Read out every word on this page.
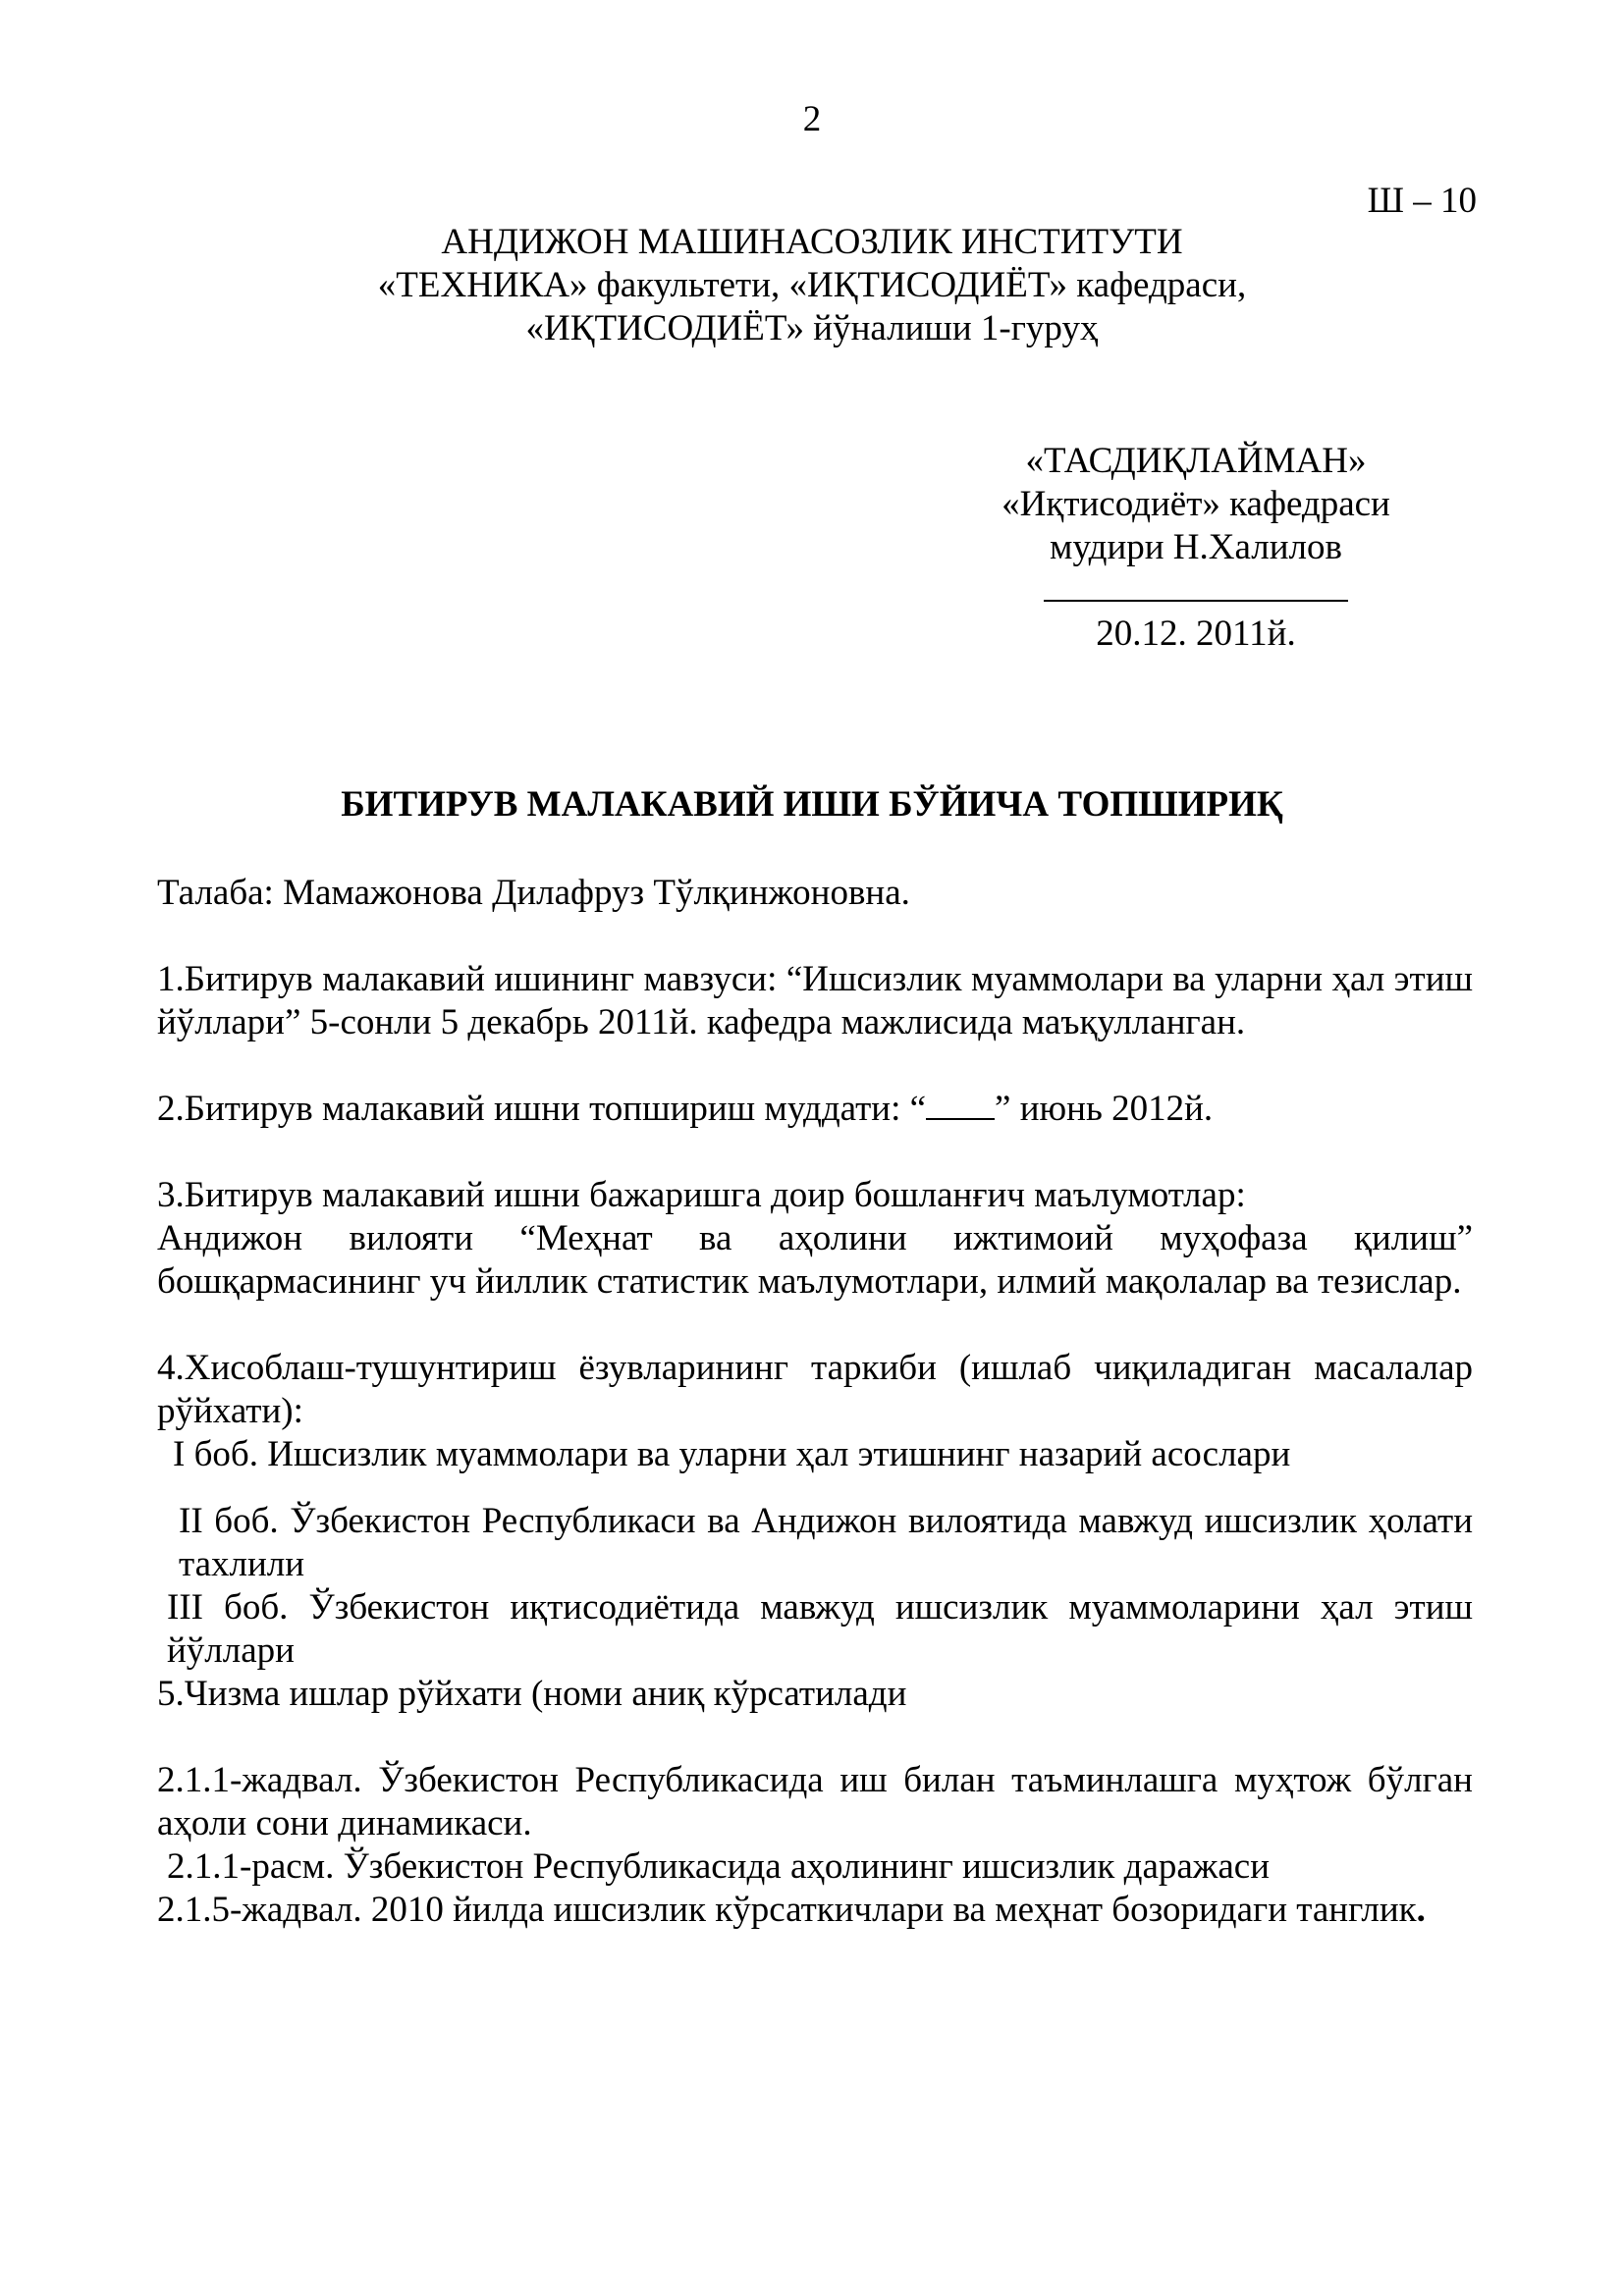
2
Ш – 10
АНДИЖОН МАШИНАСОЗЛИК ИНСТИТУТИ
«ТЕХНИКА» факультети, «ИҚТИСОДИЁТ» кафедраси,
«ИҚТИСОДИЁТ» йўналиши 1-гуруҳ
«ТАСДИҚЛАЙМАН»
«Иқтисодиёт» кафедраси
мудири Н.Халилов
20.12. 2011й.
БИТИРУВ МАЛАКАВИЙ ИШИ БЎЙИЧА ТОПШИРИҚ

Талаба: Мамажонова Дилафруз Тўлқинжоновна.

1.Битирув малакавий ишининг мавзуси: “Ишсизлик муаммолари ва уларни ҳал этиш йўллари” 5-сонли 5 декабрь 2011й. кафедра мажлисида маъқулланган.

2.Битирув малакавий ишни топшириш муддати: “ ” июнь 2012й.

3.Битирув малакавий ишни бажаришга доир бошланғич маълумотлар:

Андижон вилояти “Меҳнат ва аҳолини ижтимоий муҳофаза қилиш” бошқармасининг уч йиллик статистик маълумотлари, илмий мақолалар ва тезислар.

4.Хисоблаш-тушунтириш ёзувларининг таркиби (ишлаб чиқиладиган масалалар рўйхати):

I боб. Ишсизлик муаммолари ва уларни ҳал этишнинг назарий асослари

II боб. Ўзбекистон Республикаси ва Андижон вилоятида мавжуд ишсизлик ҳолати тахлили

III боб. Ўзбекистон иқтисодиётида мавжуд ишсизлик муаммоларини ҳал этиш йўллари

5.Чизма ишлар рўйхати (номи аниқ кўрсатилади

2.1.1-жадвал. Ўзбекистон Республикасида иш билан таъминлашга муҳтож бўлган аҳоли сони динамикаси.

2.1.1-расм. Ўзбекистон Республикасида аҳолининг ишсизлик даражаси

2.1.5-жадвал. 2010 йилда ишсизлик кўрсаткичлари ва меҳнат бозоридаги танглик.
